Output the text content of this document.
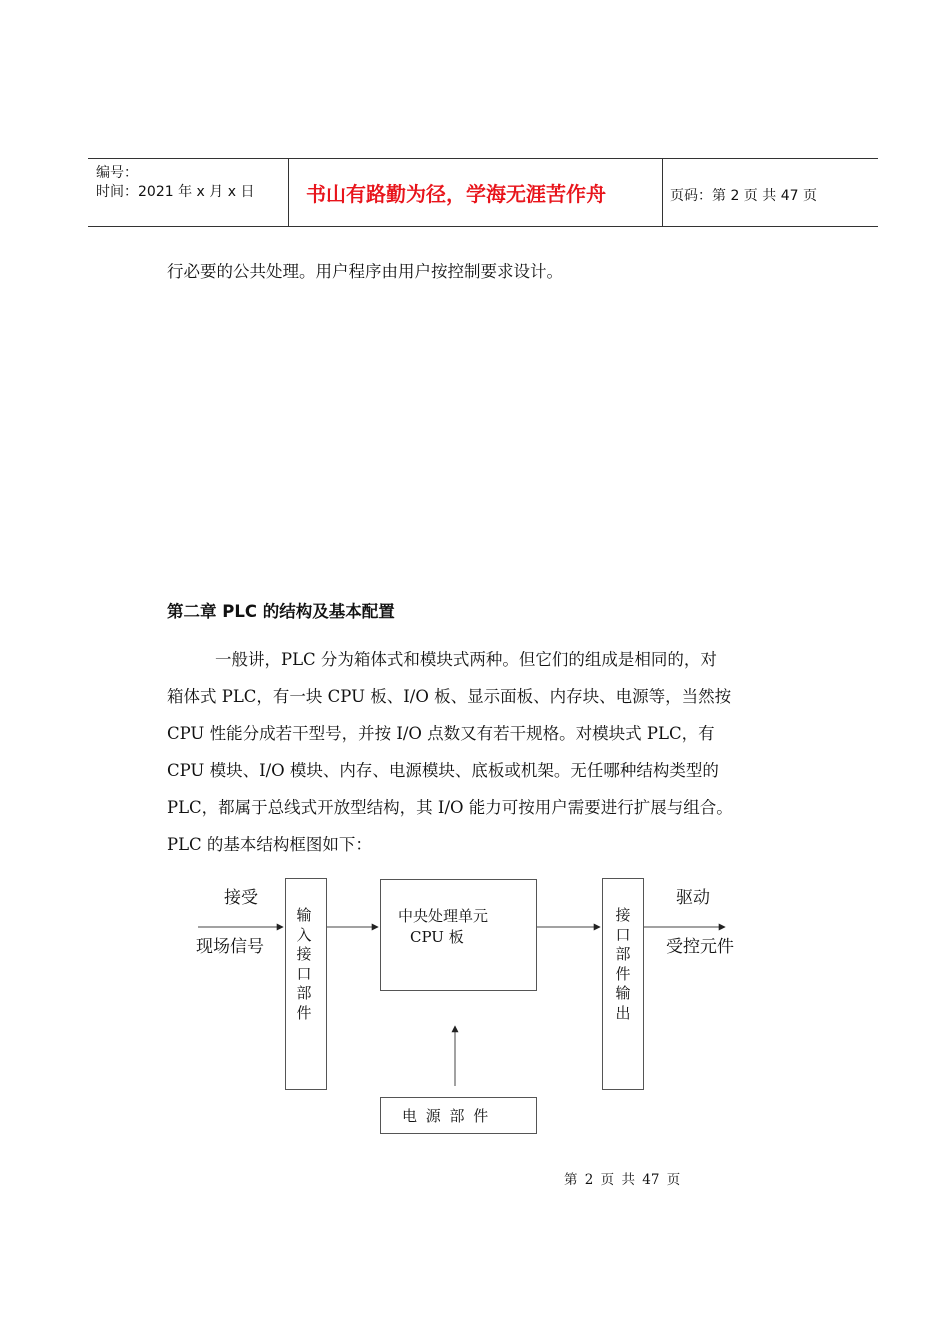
编号：
时间：2021 年 x 月 x 日	书山有路勤为径，学海无涯苦作舟	页码：第 2 页 共 47 页
行必要的公共处理。用户程序由用户按控制要求设计。
第二章 PLC 的结构及基本配置
一般讲，PLC 分为箱体式和模块式两种。但它们的组成是相同的，对
箱体式 PLC，有一块 CPU 板、I/O 板、显示面板、内存块、电源等，当然按
CPU 性能分成若干型号，并按 I/O 点数又有若干规格。对模块式 PLC，有
CPU 模块、I/O 模块、内存、电源模块、底板或机架。无任哪种结构类型的
PLC，都属于总线式开放型结构，其 I/O 能力可按用户需要进行扩展与组合。
PLC 的基本结构框图如下：
接受
现场信号
输
入
接
口
部
件
中央处理单元
CPU 板
接
口
部
件
输
出
驱动
受控元件
电 源 部 件
第 2 页 共 47 页
